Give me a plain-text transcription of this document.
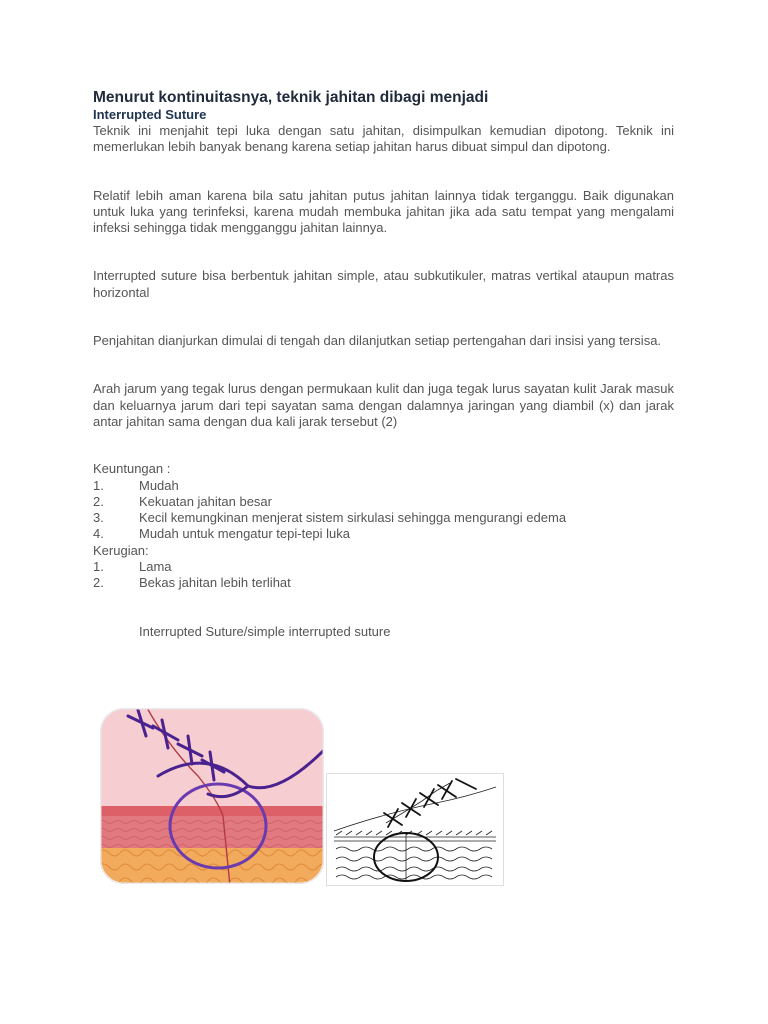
Menurut kontinuitasnya, teknik jahitan dibagi menjadi
Interrupted Suture

Teknik ini menjahit tepi luka dengan satu jahitan, disimpulkan kemudian dipotong. Teknik ini memerlukan lebih banyak benang karena setiap jahitan harus dibuat simpul dan dipotong.

Relatif lebih aman karena bila satu jahitan putus jahitan lainnya tidak terganggu. Baik digunakan untuk luka yang terinfeksi, karena mudah membuka jahitan jika ada satu tempat yang mengalami infeksi sehingga tidak mengganggu jahitan lainnya.

Interrupted suture bisa berbentuk jahitan simple, atau subkutikuler, matras vertikal ataupun matras horizontal

Penjahitan dianjurkan dimulai di tengah dan dilanjutkan setiap pertengahan dari insisi yang tersisa.

Arah jarum yang tegak lurus dengan permukaan kulit dan juga tegak lurus sayatan kulit Jarak masuk dan keluarnya jarum dari tepi sayatan sama dengan dalamnya jaringan yang diambil (x) dan jarak antar jahitan sama dengan dua kali jarak tersebut (2)

Keuntungan :

1.	Mudah
2.	Kekuatan jahitan besar
3.	Kecil kemungkinan menjerat sistem sirkulasi sehingga mengurangi edema
4.	Mudah untuk mengatur tepi-tepi luka

Kerugian:

1.	Lama
2.	Bekas jahitan lebih terlihat

Interrupted Suture/simple interrupted suture
